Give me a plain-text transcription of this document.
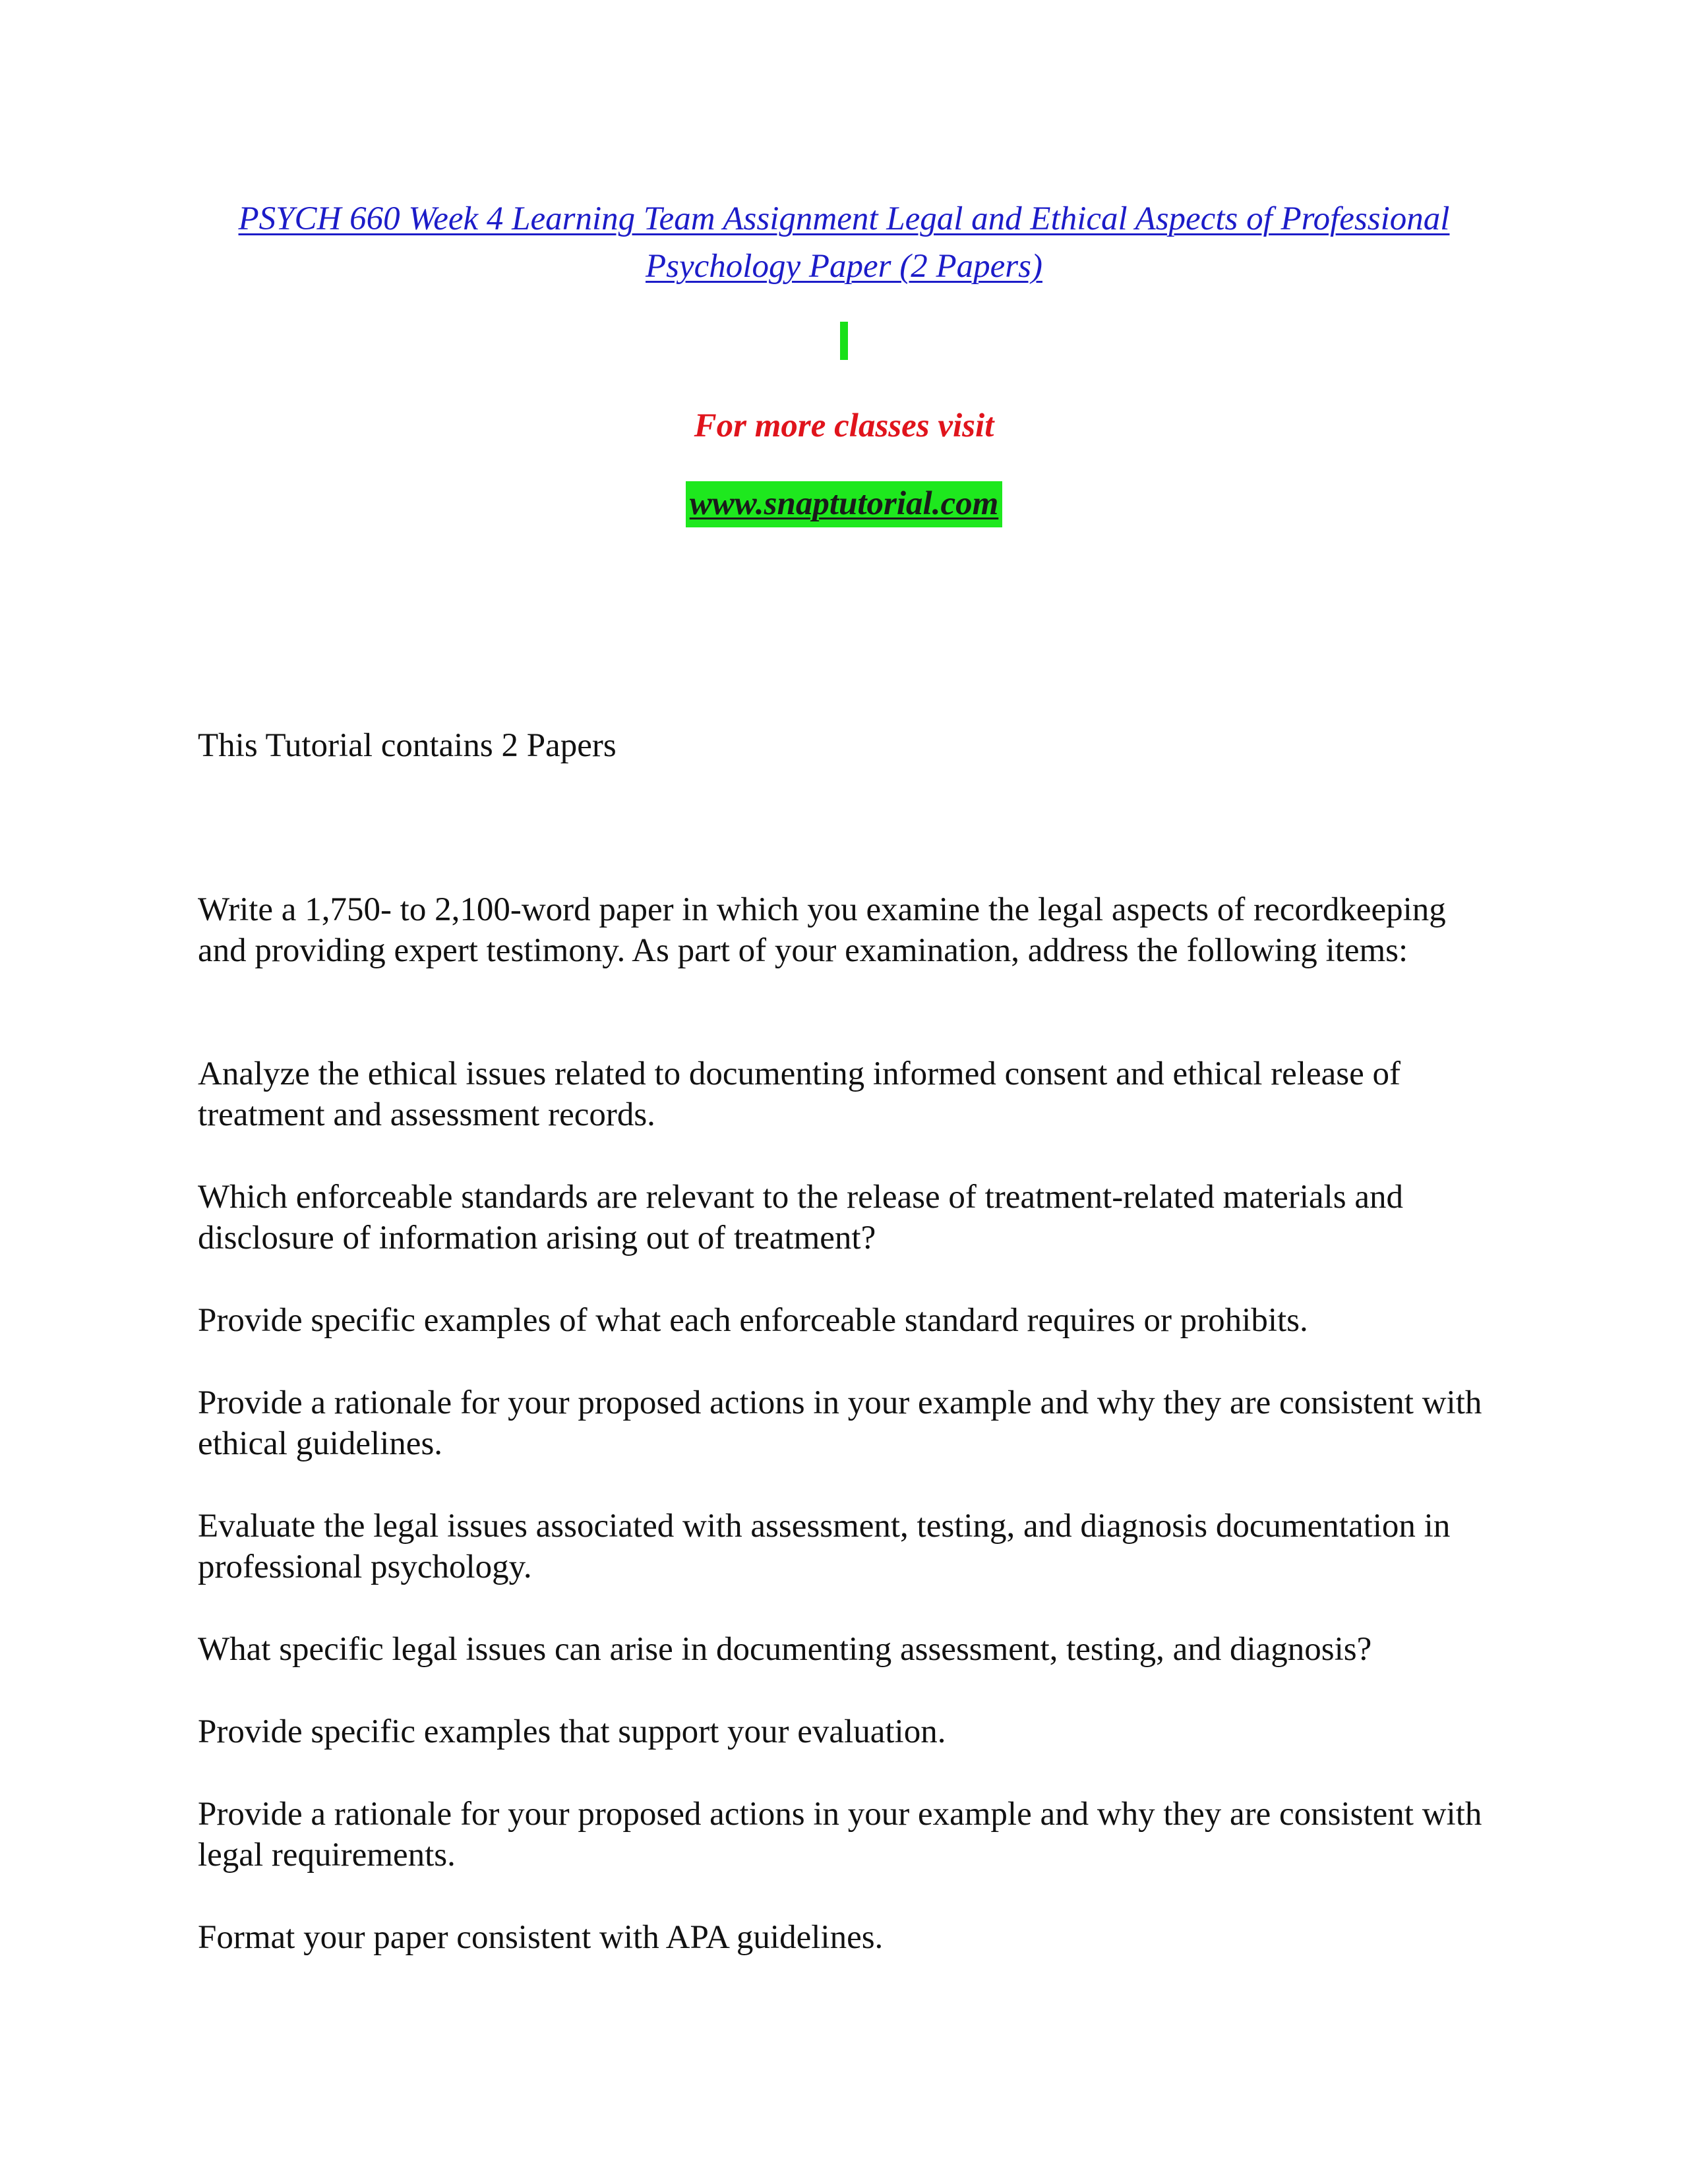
PSYCH 660 Week 4 Learning Team Assignment Legal and Ethical Aspects of Professional Psychology Paper (2 Papers)
For more classes visit
www.snaptutorial.com

This Tutorial contains 2 Papers

Write a 1,750- to 2,100-word paper in which you examine the legal aspects of recordkeeping and providing expert testimony. As part of your examination, address the following items:

Analyze the ethical issues related to documenting informed consent and ethical release of treatment and assessment records.

Which enforceable standards are relevant to the release of treatment-related materials and disclosure of information arising out of treatment?

Provide specific examples of what each enforceable standard requires or prohibits.

Provide a rationale for your proposed actions in your example and why they are consistent with ethical guidelines.

Evaluate the legal issues associated with assessment, testing, and diagnosis documentation in professional psychology.

What specific legal issues can arise in documenting assessment, testing, and diagnosis?

Provide specific examples that support your evaluation.

Provide a rationale for your proposed actions in your example and why they are consistent with legal requirements.

Format your paper consistent with APA guidelines.
